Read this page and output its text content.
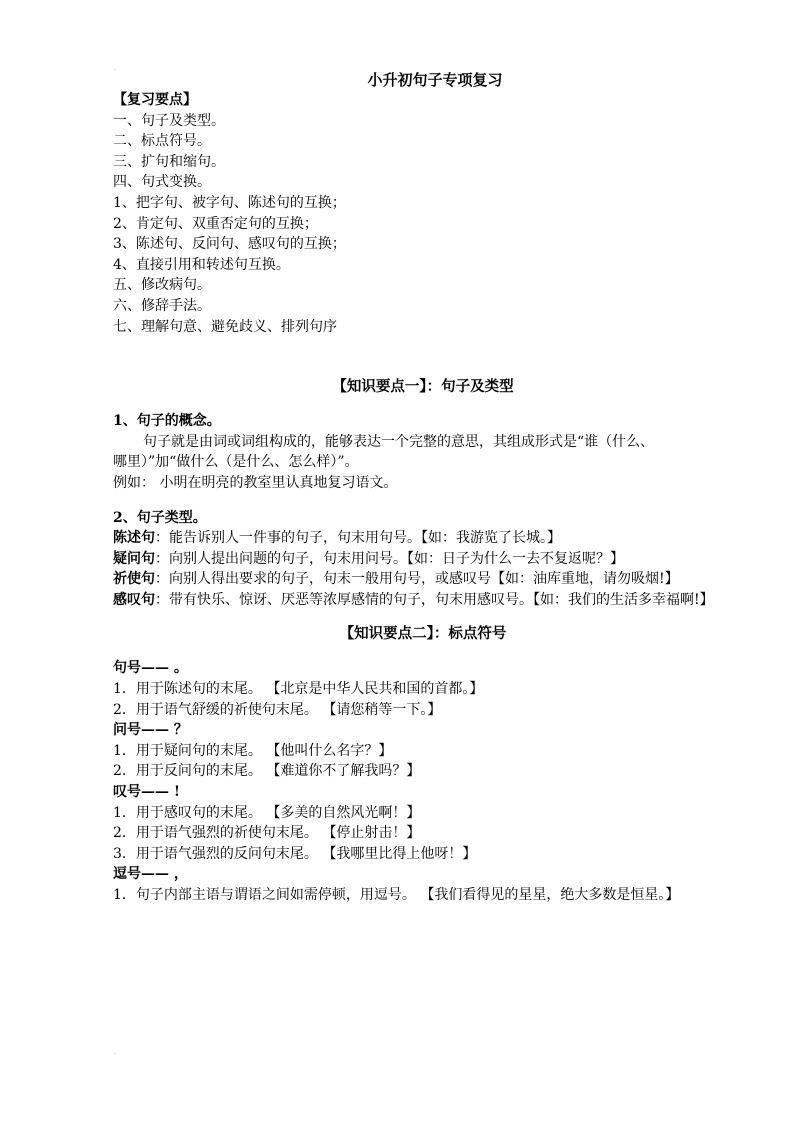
.
小升初句子专项复习
【复习要点】
一、句子及类型。
二、标点符号。
三、扩句和缩句。
四、句式变换。
1、把字句、被字句、陈述句的互换；
2、肯定句、双重否定句的互换；
3、陈述句、反问句、感叹句的互换；
4、直接引用和转述句互换。
五、修改病句。
六、修辞手法。
七、理解句意、避免歧义、排列句序
【知识要点一】：句子及类型
1、句子的概念。
句子就是由词或词组构成的，能够表达一个完整的意思，其组成形式是“谁（什么、
哪里）”加“做什么（是什么、怎么样）”。
例如： 小明在明亮的教室里认真地复习语文。
2、句子类型。
陈述句：能告诉别人一件事的句子，句末用句号。【如：我游览了长城。】
疑问句：向别人提出问题的句子，句末用问号。【如：日子为什么一去不复返呢？】
祈使句：向别人得出要求的句子，句末一般用句号，或感叹号【如：油库重地，请勿吸烟!】
感叹句：带有快乐、惊讶、厌恶等浓厚感情的句子，句末用感叹号。【如：我们的生活多幸福啊!】
【知识要点二】：标点符号
句号—— 。
1．用于陈述句的末尾。 【北京是中华人民共和国的首都。】
2．用于语气舒缓的祈使句末尾。 【请您稍等一下。】
问号—— ？
1．用于疑问句的末尾。 【他叫什么名字？】
2．用于反问句的末尾。 【难道你不了解我吗？】
叹号—— !
1．用于感叹句的末尾。 【多美的自然风光啊！】
2．用于语气强烈的祈使句末尾。 【停止射击！】
3．用于语气强烈的反问句末尾。 【我哪里比得上他呀！】
逗号—— ，
1．句子内部主语与谓语之间如需停顿，用逗号。 【我们看得见的星星，绝大多数是恒星。】
.
